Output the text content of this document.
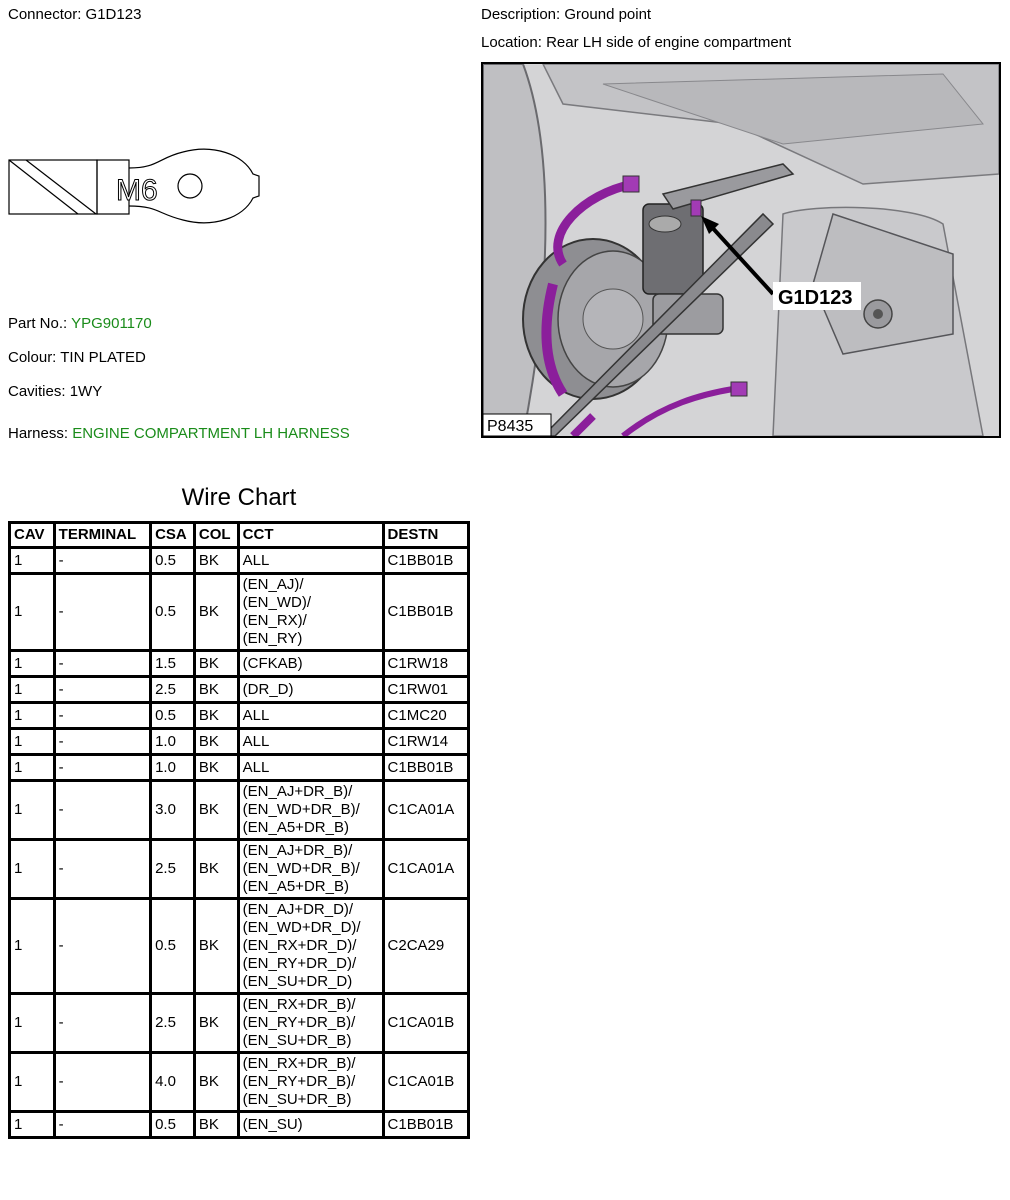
Connector: G1D123
M6
Part No.: YPG901170
Colour: TIN PLATED
Cavities: 1WY
Harness: ENGINE COMPARTMENT LH HARNESS
Description: Ground point
Location: Rear LH side of engine compartment
G1D123
P8435
Wire Chart
CAV	TERMINAL	CSA	COL	CCT	DESTN
1	-	0.5	BK	ALL	C1BB01B
1	-	0.5	BK	(EN_AJ)/
(EN_WD)/
(EN_RX)/
(EN_RY)	C1BB01B
1	-	1.5	BK	(CFKAB)	C1RW18
1	-	2.5	BK	(DR_D)	C1RW01
1	-	0.5	BK	ALL	C1MC20
1	-	1.0	BK	ALL	C1RW14
1	-	1.0	BK	ALL	C1BB01B
1	-	3.0	BK	(EN_AJ+DR_B)/
(EN_WD+DR_B)/
(EN_A5+DR_B)	C1CA01A
1	-	2.5	BK	(EN_AJ+DR_B)/
(EN_WD+DR_B)/
(EN_A5+DR_B)	C1CA01A
1	-	0.5	BK	(EN_AJ+DR_D)/
(EN_WD+DR_D)/
(EN_RX+DR_D)/
(EN_RY+DR_D)/
(EN_SU+DR_D)	C2CA29
1	-	2.5	BK	(EN_RX+DR_B)/
(EN_RY+DR_B)/
(EN_SU+DR_B)	C1CA01B
1	-	4.0	BK	(EN_RX+DR_B)/
(EN_RY+DR_B)/
(EN_SU+DR_B)	C1CA01B
1	-	0.5	BK	(EN_SU)	C1BB01B
